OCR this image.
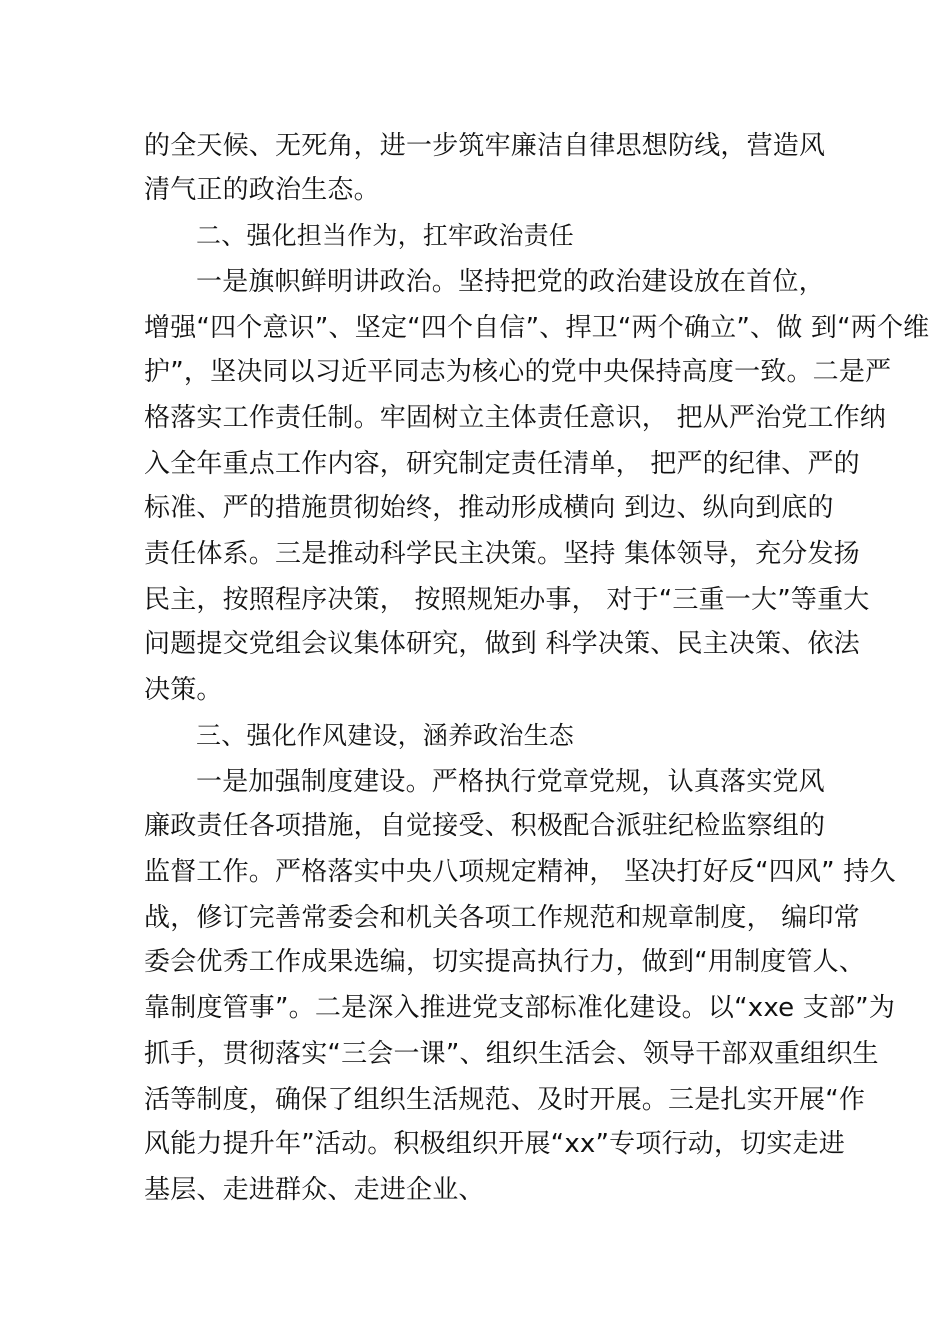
的全天候、无死角，进一步筑牢廉洁自律思想防线，营造风
清气正的政治生态。
二、强化担当作为，扛牢政治责任
一是旗帜鲜明讲政治。坚持把党的政治建设放在首位，
增强“四个意识”、坚定“四个自信”、捍卫“两个确立”、做 到“两个维
护”，坚决同以习近平同志为核心的党中央保持高度一致。二是严
格落实工作责任制。牢固树立主体责任意识， 把从严治党工作纳
入全年重点工作内容，研究制定责任清单， 把严的纪律、严的
标准、严的措施贯彻始终，推动形成横向 到边、纵向到底的
责任体系。三是推动科学民主决策。坚持 集体领导，充分发扬
民主，按照程序决策， 按照规矩办事， 对于“三重一大”等重大
问题提交党组会议集体研究，做到 科学决策、民主决策、依法
决策。
三、强化作风建设，涵养政治生态
一是加强制度建设。严格执行党章党规，认真落实党风
廉政责任各项措施，自觉接受、积极配合派驻纪检监察组的
监督工作。严格落实中央八项规定精神， 坚决打好反“四风” 持久
战，修订完善常委会和机关各项工作规范和规章制度， 编印常
委会优秀工作成果选编，切实提高执行力，做到“用制度管人、
靠制度管事”。二是深入推进党支部标准化建设。以“xxe 支部”为
抓手，贯彻落实“三会一课”、组织生活会、领导干部双重组织生
活等制度，确保了组织生活规范、及时开展。三是扎实开展“作
风能力提升年”活动。积极组织开展“xx”专项行动，切实走进
基层、走进群众、走进企业、
